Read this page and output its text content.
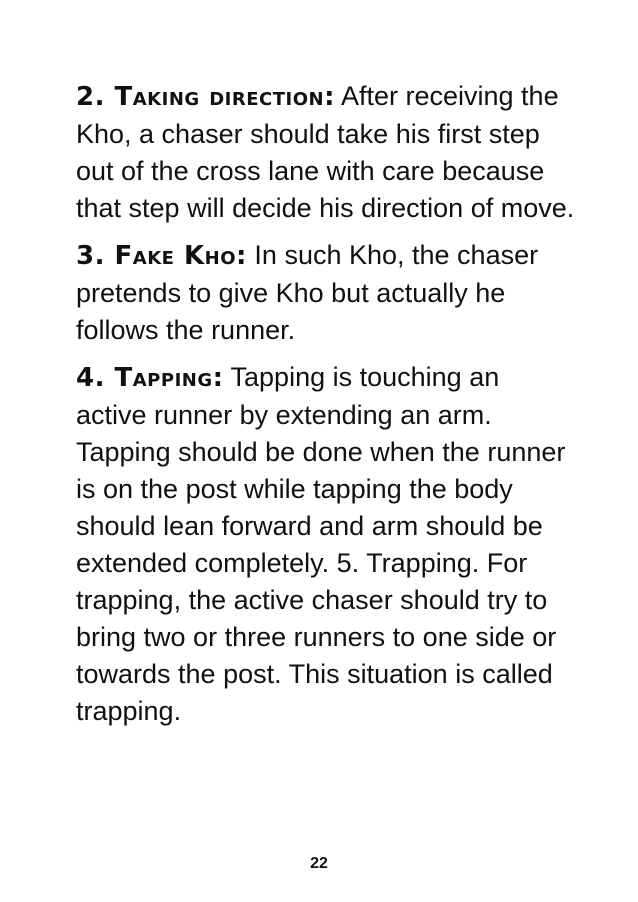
2. Taking direction: After receiving the Kho, a chaser should take his first step out of the cross lane with care because that step will decide his direction of move.

3. Fake Kho: In such Kho, the chaser pretends to give Kho but actually he follows the runner.

4. Tapping: Tapping is touching an active runner by extending an arm. Tapping should be done when the runner is on the post while tapping the body should lean forward and arm should be extended completely. 5. Trapping. For trapping, the active chaser should try to bring two or three runners to one side or towards the post. This situation is called trapping.

22
